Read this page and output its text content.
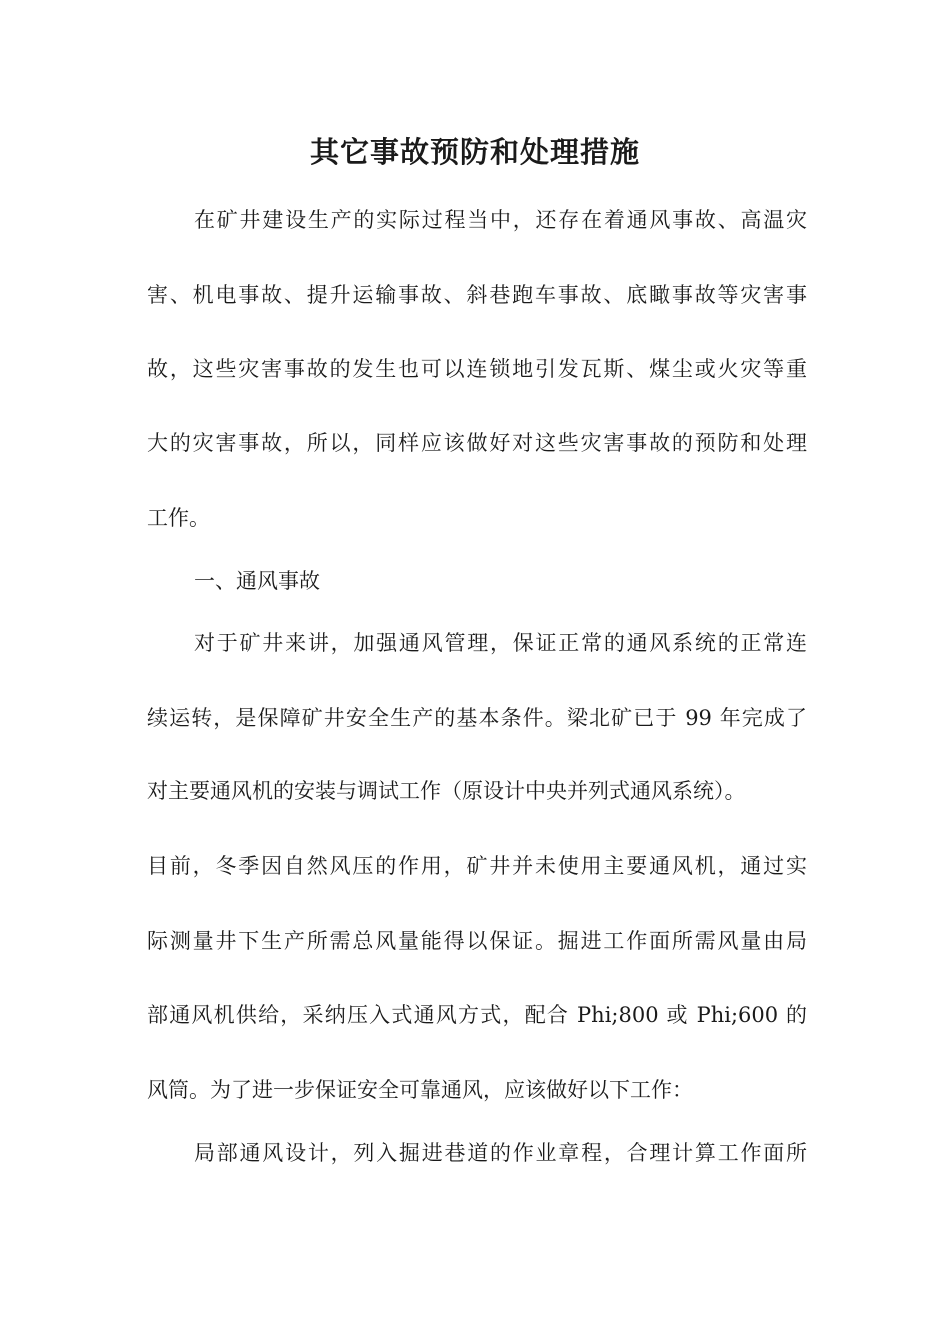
其它事故预防和处理措施

在矿井建设生产的实际过程当中，还存在着通风事故、高温灾

害、机电事故、提升运输事故、斜巷跑车事故、底瞰事故等灾害事

故，这些灾害事故的发生也可以连锁地引发瓦斯、煤尘或火灾等重

大的灾害事故，所以，同样应该做好对这些灾害事故的预防和处理

工作。

一、通风事故

对于矿井来讲，加强通风管理，保证正常的通风系统的正常连

续运转，是保障矿井安全生产的基本条件。梁北矿已于 99 年完成了

对主要通风机的安装与调试工作（原设计中央并列式通风系统）。

目前，冬季因自然风压的作用，矿井并未使用主要通风机，通过实

际测量井下生产所需总风量能得以保证。掘进工作面所需风量由局

部通风机供给，采纳压入式通风方式，配合 Phi;800 或 Phi;600 的

风筒。为了进一步保证安全可靠通风，应该做好以下工作：

局部通风设计，列入掘进巷道的作业章程，合理计算工作面所
